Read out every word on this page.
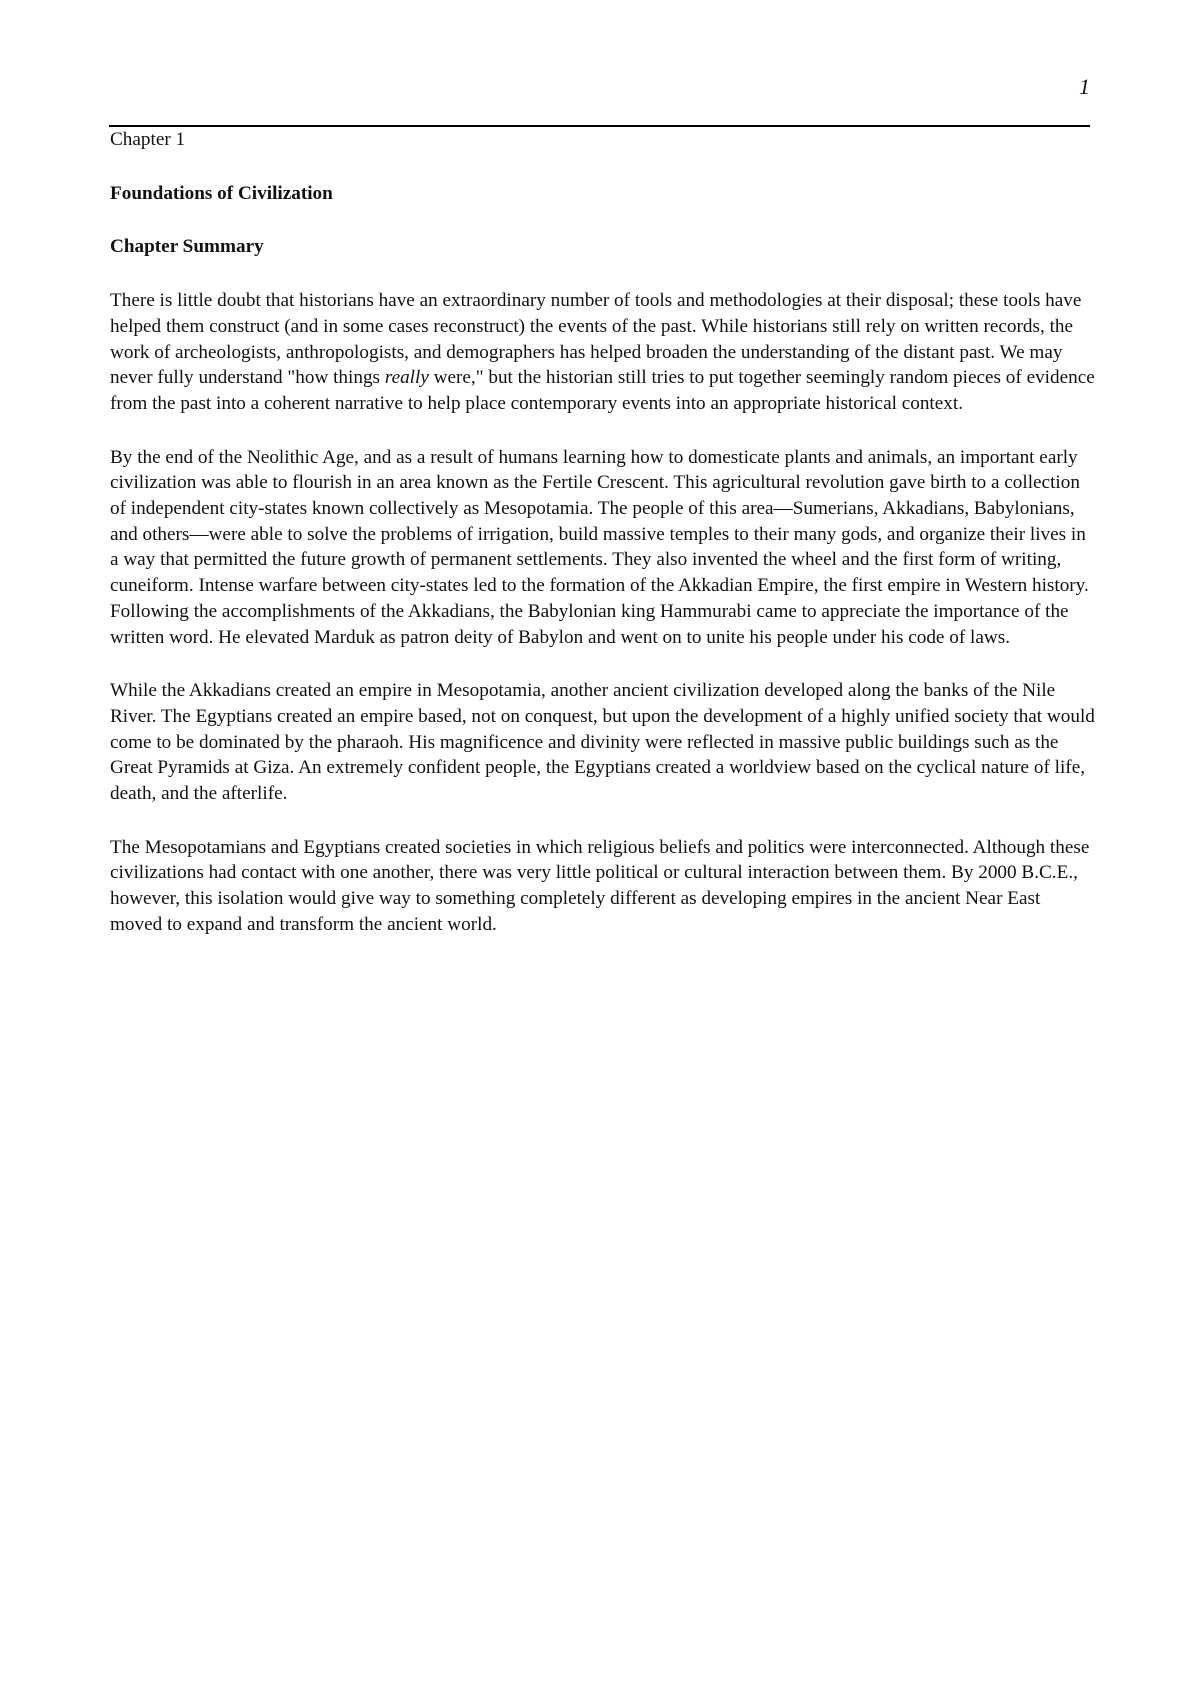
1

Chapter 1

Foundations of Civilization

Chapter Summary

There is little doubt that historians have an extraordinary number of tools and methodologies at their disposal; these tools have helped them construct (and in some cases reconstruct) the events of the past. While historians still rely on written records, the work of archeologists, anthropologists, and demographers has helped broaden the understanding of the distant past. We may never fully understand "how things really were," but the historian still tries to put together seemingly random pieces of evidence from the past into a coherent narrative to help place contemporary events into an appropriate historical context.

By the end of the Neolithic Age, and as a result of humans learning how to domesticate plants and animals, an important early civilization was able to flourish in an area known as the Fertile Crescent. This agricultural revolution gave birth to a collection of independent city-states known collectively as Mesopotamia. The people of this area—Sumerians, Akkadians, Babylonians, and others—were able to solve the problems of irrigation, build massive temples to their many gods, and organize their lives in a way that permitted the future growth of permanent settlements. They also invented the wheel and the first form of writing, cuneiform. Intense warfare between city-states led to the formation of the Akkadian Empire, the first empire in Western history. Following the accomplishments of the Akkadians, the Babylonian king Hammurabi came to appreciate the importance of the written word. He elevated Marduk as patron deity of Babylon and went on to unite his people under his code of laws.

While the Akkadians created an empire in Mesopotamia, another ancient civilization developed along the banks of the Nile River. The Egyptians created an empire based, not on conquest, but upon the development of a highly unified society that would come to be dominated by the pharaoh. His magnificence and divinity were reflected in massive public buildings such as the Great Pyramids at Giza. An extremely confident people, the Egyptians created a worldview based on the cyclical nature of life, death, and the afterlife.

The Mesopotamians and Egyptians created societies in which religious beliefs and politics were interconnected. Although these civilizations had contact with one another, there was very little political or cultural interaction between them. By 2000 B.C.E., however, this isolation would give way to something completely different as developing empires in the ancient Near East moved to expand and transform the ancient world.
